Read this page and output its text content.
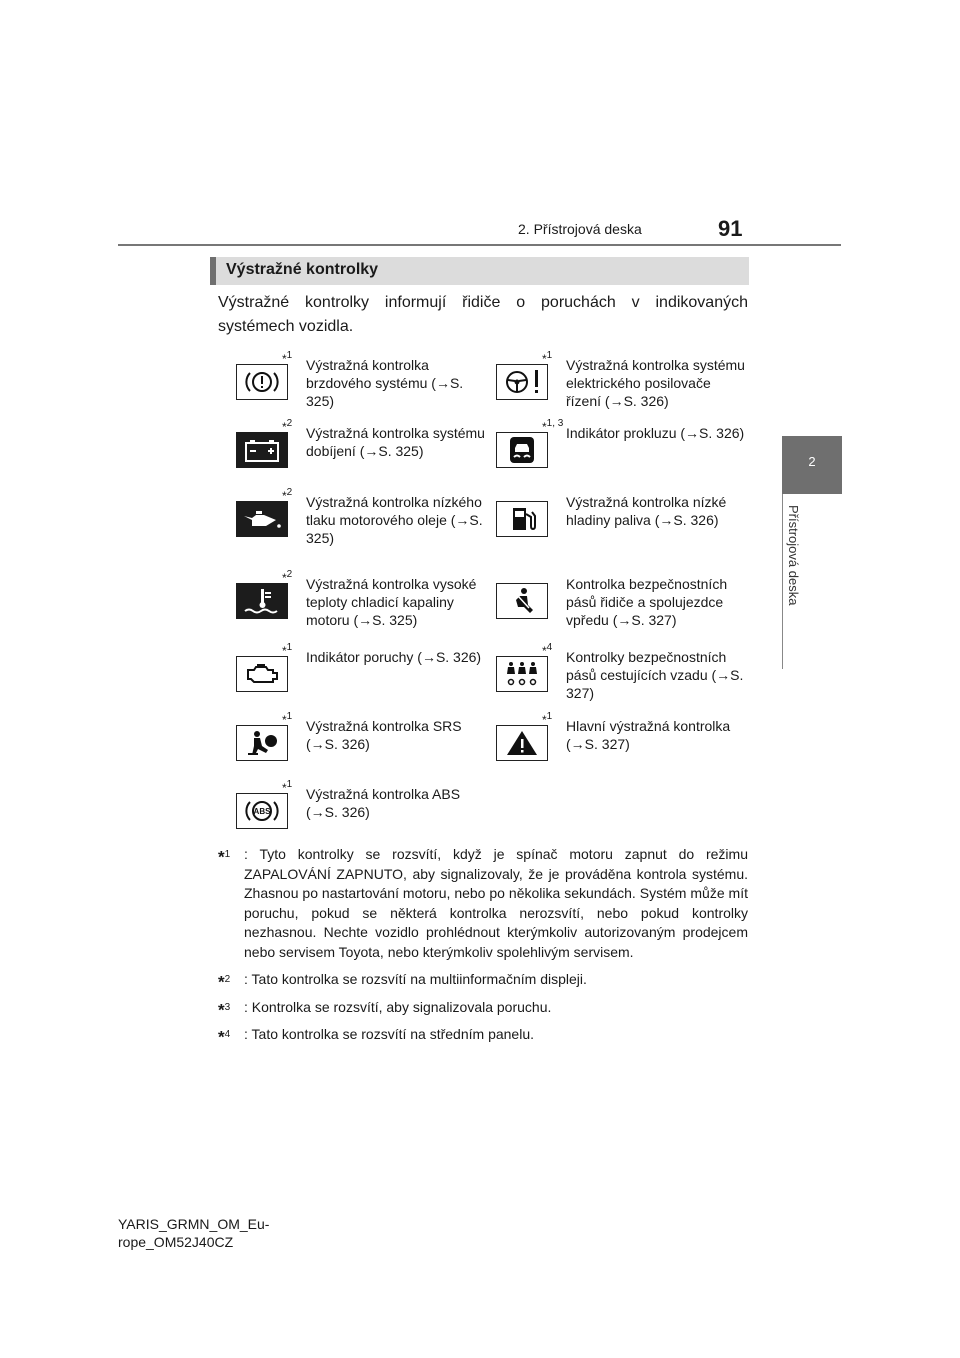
2. Přístrojová deska	91
2
Přístrojová deska
Výstražné kontrolky
Výstražné kontrolky informují řidiče o poruchách v indikovaných systémech vozidla.
*$^1$
Výstražná kontrolka brzdového systému (→S. 325)
*$^2$
Výstražná kontrolka systému dobíjení (→S. 325)
*$^2$
Výstražná kontrolka nízkého tlaku motorového oleje (→S. 325)
*$^2$
Výstražná kontrolka vysoké teploty chladicí kapaliny motoru (→S. 325)
*$^1$
Indikátor poruchy (→S. 326)
*$^1$
Výstražná kontrolka SRS (→S. 326)
ABS
*$^1$
Výstražná kontrolka ABS (→S. 326)
*$^1$
Výstražná kontrolka systému elektrického posilovače řízení (→S. 326)
*$^{1, 3}$
Indikátor prokluzu (→S. 326)
Výstražná kontrolka nízké hladiny paliva (→S. 326)
Kontrolka bezpečnostních pásů řidiče a spolujezdce vpředu (→S. 327)
*$^4$
Kontrolky bezpečnostních pásů cestujících vzadu (→S. 327)
*$^1$
Hlavní výstražná kontrolka (→S. 327)
*$^1$ : Tyto kontrolky se rozsvítí, když je spínač motoru zapnut do režimu ZAPALOVÁNÍ ZAPNUTO, aby signalizovaly, že je prováděna kontrola systému. Zhasnou po nastartování motoru, nebo po několika sekundách. Systém může mít poruchu, pokud se některá kontrolka nerozsvítí, nebo pokud kontrolky nezhasnou. Nechte vozidlo prohlédnout kterýmkoliv autorizovaným prodejcem nebo servisem Toyota, nebo kterýmkoliv spolehlivým servisem.
*$^2$ : Tato kontrolka se rozsvítí na multiinformačním displeji.
*$^3$ : Kontrolka se rozsvítí, aby signalizovala poruchu.
*$^4$ : Tato kontrolka se rozsvítí na středním panelu.
YARIS_GRMN_OM_Eu-
rope_OM52J40CZ
